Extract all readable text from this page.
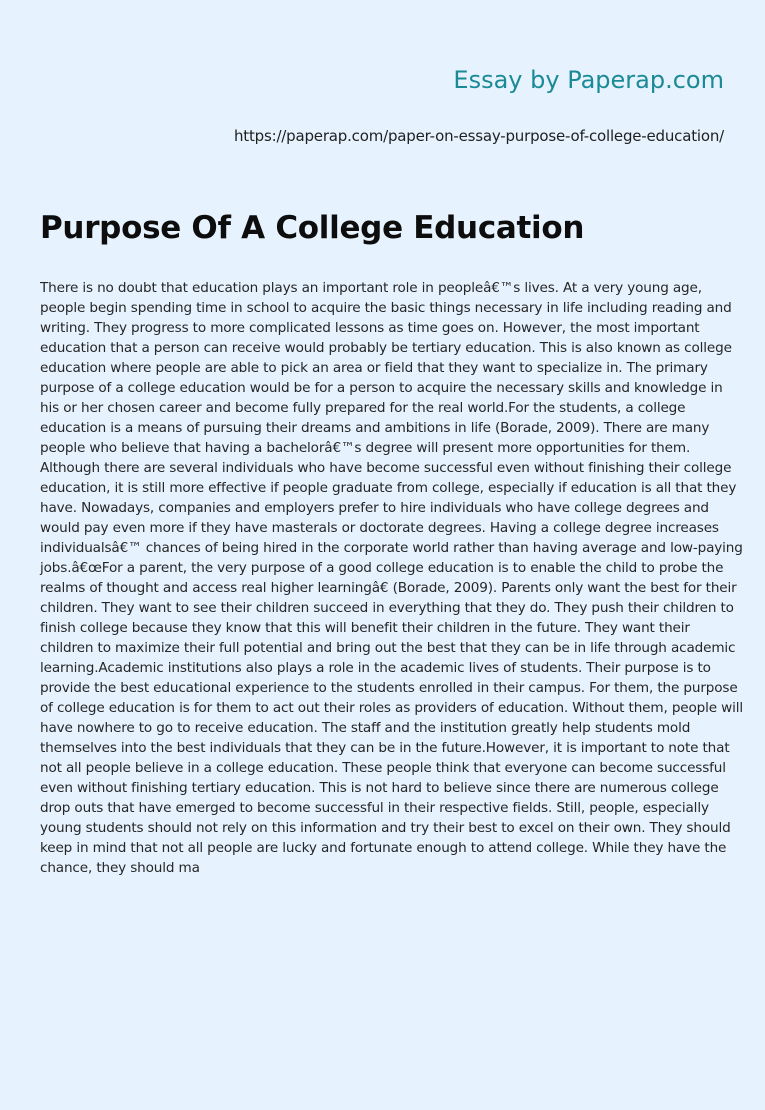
Essay by Paperap.com
https://paperap.com/paper-on-essay-purpose-of-college-education/
Purpose Of A College Education
There is no doubt that education plays an important role in peopleâ€™s lives. At a very young age,
people begin spending time in school to acquire the basic things necessary in life including reading and
writing. They progress to more complicated lessons as time goes on. However, the most important
education that a person can receive would probably be tertiary education. This is also known as college
education where people are able to pick an area or field that they want to specialize in. The primary
purpose of a college education would be for a person to acquire the necessary skills and knowledge in
his or her chosen career and become fully prepared for the real world.For the students, a college
education is a means of pursuing their dreams and ambitions in life (Borade, 2009). There are many
people who believe that having a bachelorâ€™s degree will present more opportunities for them.
Although there are several individuals who have become successful even without finishing their college
education, it is still more effective if people graduate from college, especially if education is all that they
have. Nowadays, companies and employers prefer to hire individuals who have college degrees and
would pay even more if they have masterals or doctorate degrees. Having a college degree increases
individualsâ€™ chances of being hired in the corporate world rather than having average and low-paying
jobs.â€œFor a parent, the very purpose of a good college education is to enable the child to probe the
realms of thought and access real higher learningâ€ (Borade, 2009). Parents only want the best for their
children. They want to see their children succeed in everything that they do. They push their children to
finish college because they know that this will benefit their children in the future. They want their
children to maximize their full potential and bring out the best that they can be in life through academic
learning.Academic institutions also plays a role in the academic lives of students. Their purpose is to
provide the best educational experience to the students enrolled in their campus. For them, the purpose
of college education is for them to act out their roles as providers of education. Without them, people will
have nowhere to go to receive education. The staff and the institution greatly help students mold
themselves into the best individuals that they can be in the future.However, it is important to note that
not all people believe in a college education. These people think that everyone can become successful
even without finishing tertiary education. This is not hard to believe since there are numerous college
drop outs that have emerged to become successful in their respective fields. Still, people, especially
young students should not rely on this information and try their best to excel on their own. They should
keep in mind that not all people are lucky and fortunate enough to attend college. While they have the
chance, they should ma
